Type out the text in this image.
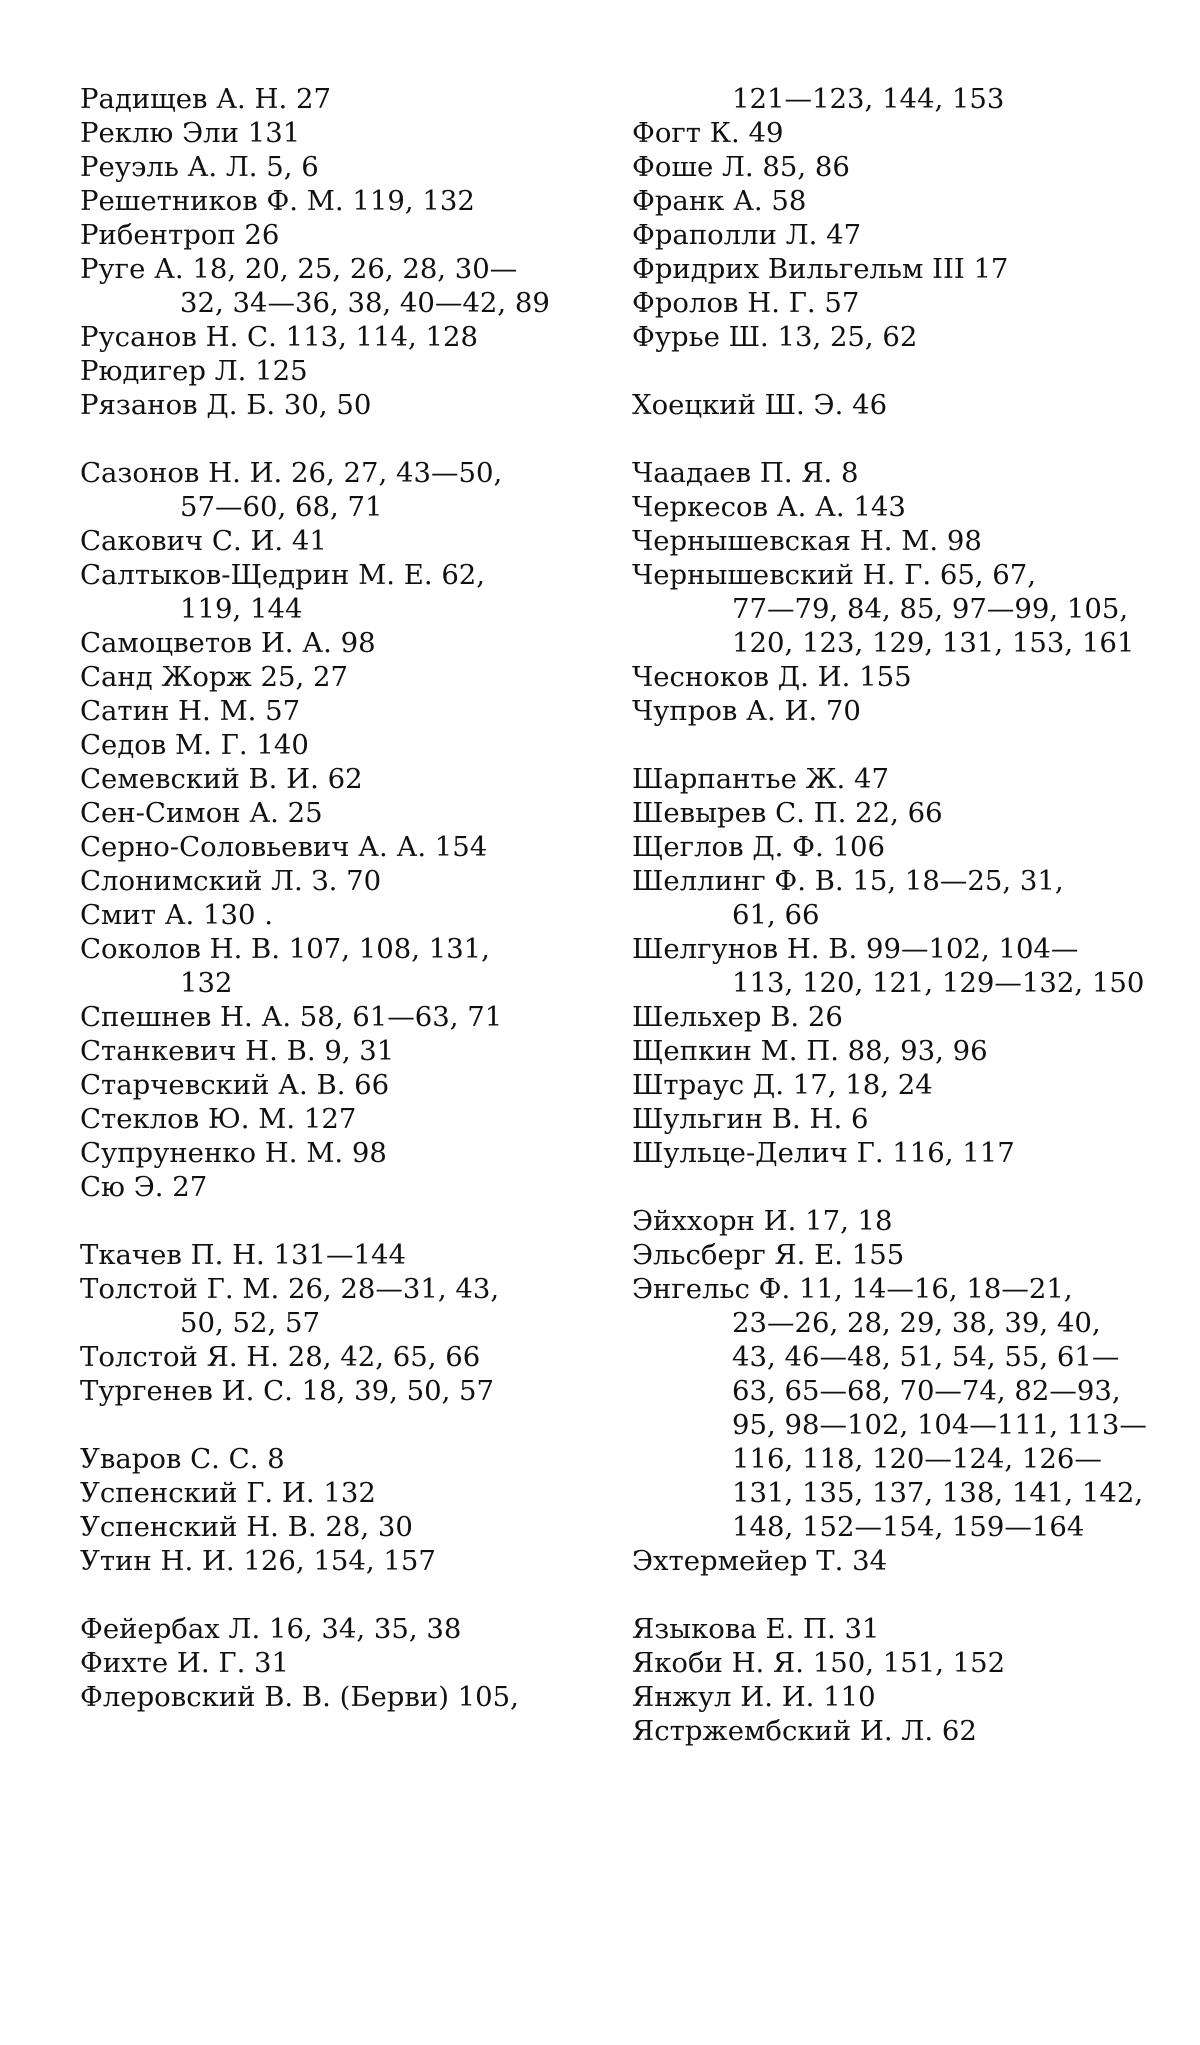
Радищев А. Н. 27
Реклю Эли 131
Реуэль А. Л. 5, 6
Решетников Ф. М. 119, 132
Рибентроп 26
Руге А. 18, 20, 25, 26, 28, 30—
32, 34—36, 38, 40—42, 89
Русанов Н. С. 113, 114, 128
Рюдигер Л. 125
Рязанов Д. Б. 30, 50
Сазонов Н. И. 26, 27, 43—50,
57—60, 68, 71
Сакович С. И. 41
Салтыков-Щедрин М. Е. 62,
119, 144
Самоцветов И. А. 98
Санд Жорж 25, 27
Сатин Н. М. 57
Седов М. Г. 140
Семевский В. И. 62
Сен-Симон А. 25
Серно-Соловьевич А. А. 154
Слонимский Л. З. 70
Смит А. 130 .
Соколов Н. В. 107, 108, 131,
132
Спешнев Н. А. 58, 61—63, 71
Станкевич Н. В. 9, 31
Старчевский А. В. 66
Стеклов Ю. М. 127
Супруненко Н. М. 98
Сю Э. 27
Ткачев П. Н. 131—144
Толстой Г. М. 26, 28—31, 43,
50, 52, 57
Толстой Я. Н. 28, 42, 65, 66
Тургенев И. С. 18, 39, 50, 57
Уваров С. С. 8
Успенский Г. И. 132
Успенский Н. В. 28, 30
Утин Н. И. 126, 154, 157
Фейербах Л. 16, 34, 35, 38
Фихте И. Г. 31
Флеровский В. В. (Берви) 105,
121—123, 144, 153
Фогт К. 49
Фоше Л. 85, 86
Франк А. 58
Фраполли Л. 47
Фридрих Вильгельм III 17
Фролов Н. Г. 57
Фурье Ш. 13, 25, 62
Хоецкий Ш. Э. 46
Чаадаев П. Я. 8
Черкесов А. А. 143
Чернышевская Н. М. 98
Чернышевский Н. Г. 65, 67,
77—79, 84, 85, 97—99, 105,
120, 123, 129, 131, 153, 161
Чесноков Д. И. 155
Чупров А. И. 70
Шарпантье Ж. 47
Шевырев С. П. 22, 66
Щеглов Д. Ф. 106
Шеллинг Ф. В. 15, 18—25, 31,
61, 66
Шелгунов Н. В. 99—102, 104—
113, 120, 121, 129—132, 150
Шельхер В. 26
Щепкин М. П. 88, 93, 96
Штраус Д. 17, 18, 24
Шульгин В. Н. 6
Шульце-Делич Г. 116, 117
Эйххорн И. 17, 18
Эльсберг Я. Е. 155
Энгельс Ф. 11, 14—16, 18—21,
23—26, 28, 29, 38, 39, 40,
43, 46—48, 51, 54, 55, 61—
63, 65—68, 70—74, 82—93,
95, 98—102, 104—111, 113—
116, 118, 120—124, 126—
131, 135, 137, 138, 141, 142,
148, 152—154, 159—164
Эхтермейер Т. 34
Языкова Е. П. 31
Якоби Н. Я. 150, 151, 152
Янжул И. И. 110
Ястржембский И. Л. 62
